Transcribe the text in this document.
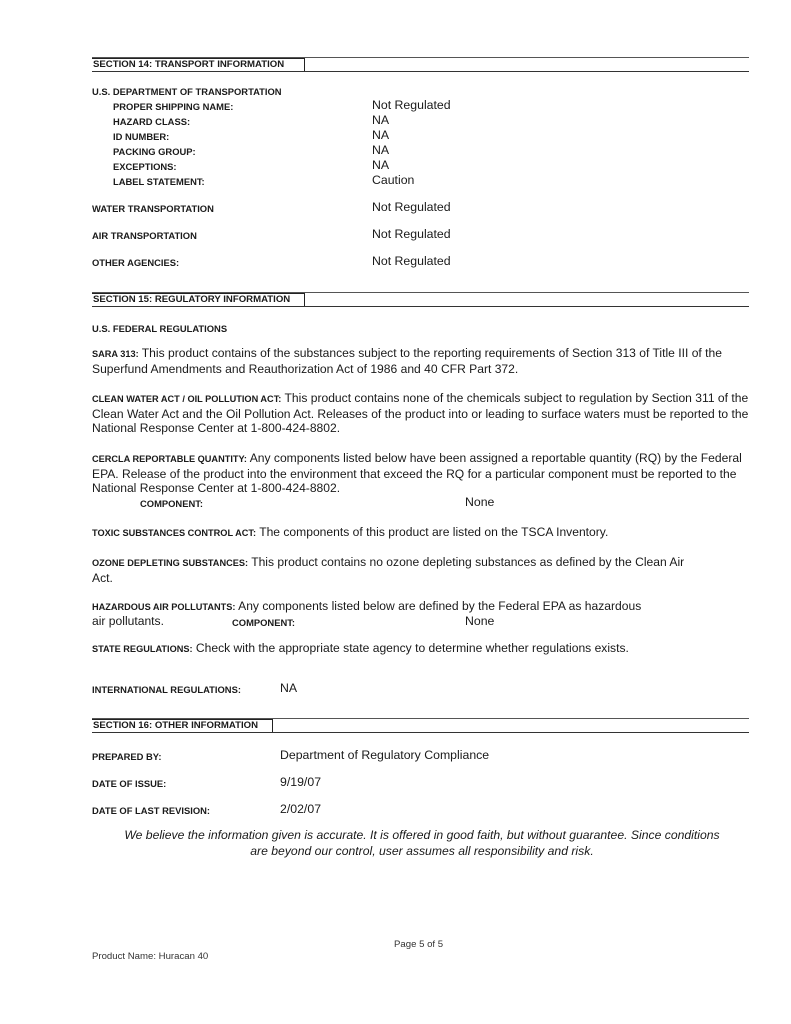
SECTION 14: TRANSPORT INFORMATION
U.S. DEPARTMENT OF TRANSPORTATION
PROPER SHIPPING NAME:	Not Regulated
HAZARD CLASS:	NA
ID NUMBER:	NA
PACKING GROUP:	NA
EXCEPTIONS:	NA
LABEL STATEMENT:	Caution
WATER TRANSPORTATION	Not Regulated
AIR TRANSPORTATION	Not Regulated
OTHER AGENCIES:	Not Regulated
SECTION 15: REGULATORY INFORMATION
U.S. FEDERAL REGULATIONS
SARA 313: This product contains of the substances subject to the reporting requirements of Section 313 of Title III of the Superfund Amendments and Reauthorization Act of 1986 and 40 CFR Part 372.
CLEAN WATER ACT / OIL POLLUTION ACT: This product contains none of the chemicals subject to regulation by Section 311 of the Clean Water Act and the Oil Pollution Act. Releases of the product into or leading to surface waters must be reported to the National Response Center at 1-800-424-8802.
CERCLA REPORTABLE QUANTITY: Any components listed below have been assigned a reportable quantity (RQ) by the Federal EPA. Release of the product into the environment that exceed the RQ for a particular component must be reported to the National Response Center at 1-800-424-8802.
COMPONENT:	None
TOXIC SUBSTANCES CONTROL ACT: The components of this product are listed on the TSCA Inventory.
OZONE DEPLETING SUBSTANCES: This product contains no ozone depleting substances as defined by the Clean Air Act.
HAZARDOUS AIR POLLUTANTS: Any components listed below are defined by the Federal EPA as hazardous
air pollutants.	COMPONENT:	None
STATE REGULATIONS: Check with the appropriate state agency to determine whether regulations exists.
INTERNATIONAL REGULATIONS:	NA
SECTION 16: OTHER INFORMATION
PREPARED BY:	Department of Regulatory Compliance
DATE OF ISSUE:	9/19/07
DATE OF LAST REVISION:	2/02/07
We believe the information given is accurate. It is offered in good faith, but without guarantee. Since conditions
are beyond our control, user assumes all responsibility and risk.
Page 5 of 5
Product Name: Huracan 40
